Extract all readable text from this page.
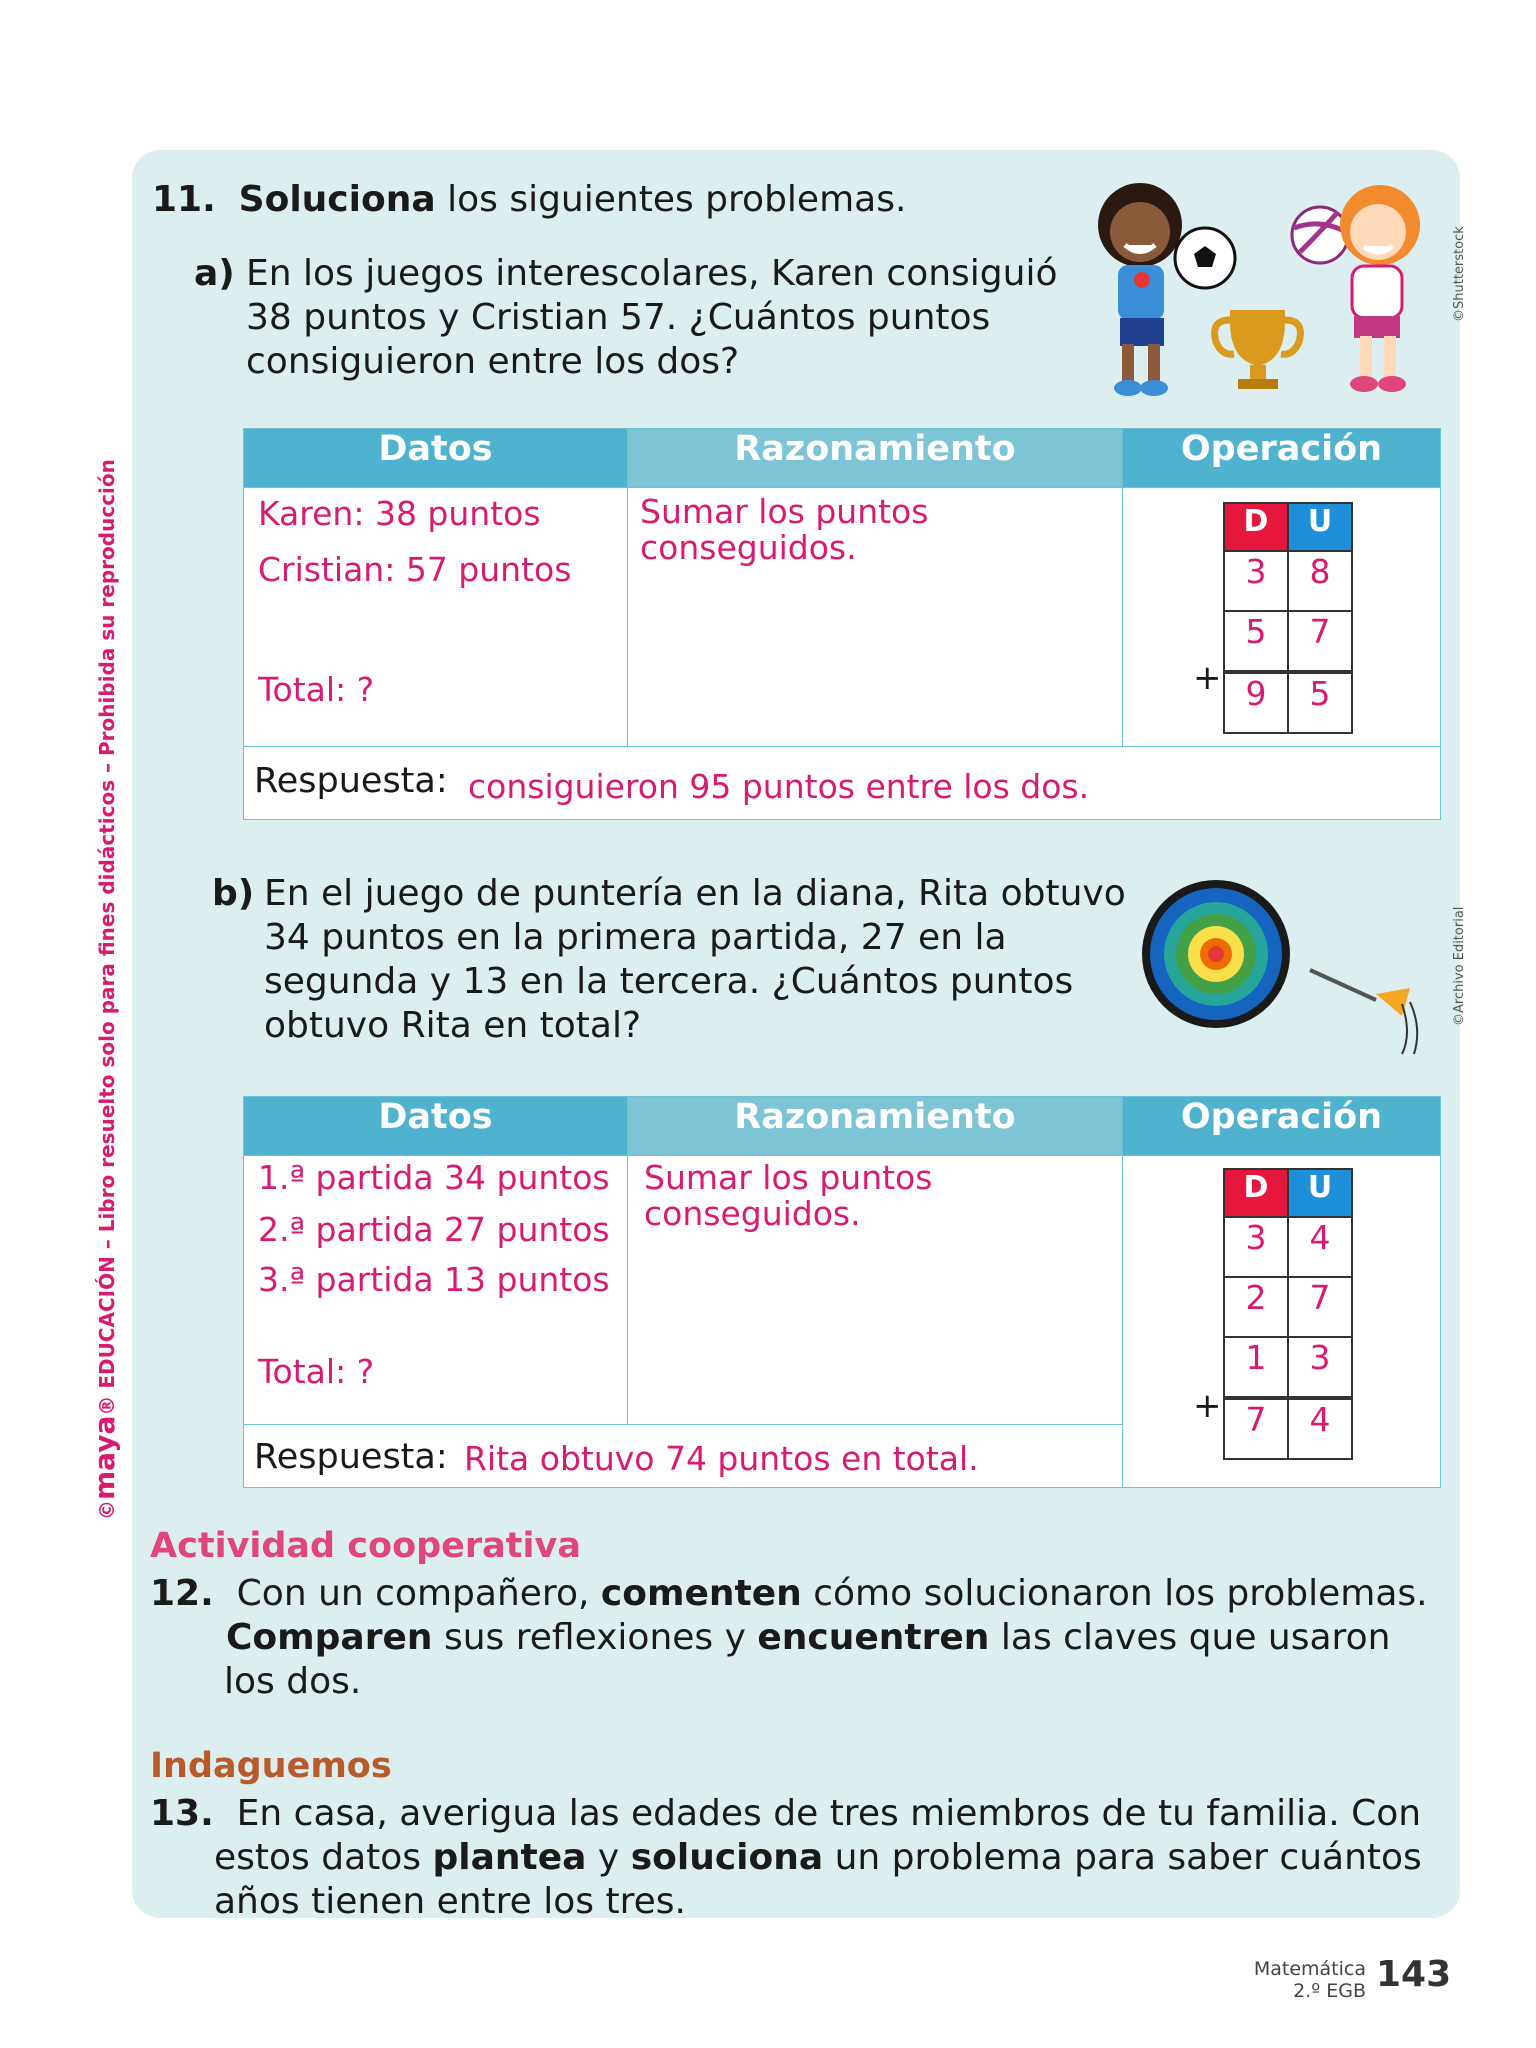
©maya® EDUCACIÓN – Libro resuelto solo para fines didácticos – Prohibida su reproducción
11. Soluciona los siguientes problemas.
a) En los juegos interescolares, Karen consiguió
38 puntos y Cristian 57. ¿Cuántos puntos
consiguieron entre los dos?
©Shutterstock
Datos	Razonamiento	Operación

Karen: 38 puntos
Cristian: 57 puntos
Total: ?

Sumar los puntos
conseguidos.

D	U
3	8
5	7
9	5
+

Respuesta: consiguieron 95 puntos entre los dos.
b) En el juego de puntería en la diana, Rita obtuvo
34 puntos en la primera partida, 27 en la
segunda y 13 en la tercera. ¿Cuántos puntos
obtuvo Rita en total?	©Archivo Editorial
Datos	Razonamiento	Operación

1.ª partida 34 puntos
2.ª partida 27 puntos
3.ª partida 13 puntos
Total: ?

Sumar los puntos
conseguidos.

D	U
3	4
2	7
1	3
7	4
+

Respuesta: Rita obtuvo 74 puntos en total.
Actividad cooperativa
12. Con un compañero, comenten cómo solucionaron los problemas.
Comparen sus reflexiones y encuentren las claves que usaron
los dos.
Indaguemos
13. En casa, averigua las edades de tres miembros de tu familia. Con
estos datos plantea y soluciona un problema para saber cuántos
años tienen entre los tres.
Matemática
2.º EGB 143
